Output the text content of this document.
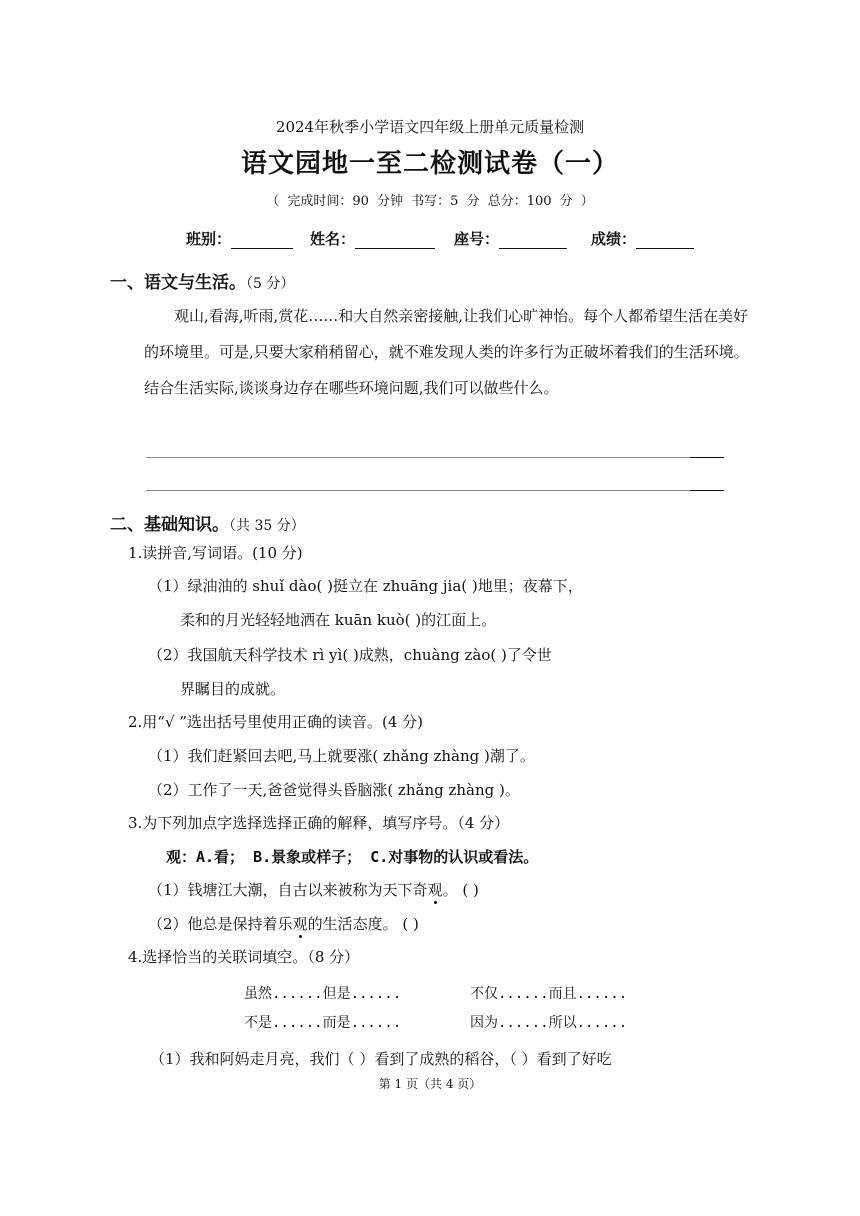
2024年秋季小学语文四年级上册单元质量检测
语文园地一至二检测试卷（一）
（ 完成时间：90 分钟 书写：5 分 总分：100 分 ）
班别：	姓名：	座号：	成绩：
一、语文与生活。（5 分）
观山,看海,听雨,赏花……和大自然亲密接触,让我们心旷神怡。每个人都希望生活在美好的环境里。可是,只要大家稍稍留心，就不难发现人类的许多行为正破坏着我们的生活环境。结合生活实际,谈谈身边存在哪些环境问题,我们可以做些什么。
二、基础知识。（共 35 分）
1.读拼音,写词语。(10 分)
（1）绿油油的 shuǐ dào( )挺立在 zhuāng jia( )地里；夜幕下，
柔和的月光轻轻地洒在 kuān kuò( )的江面上。
（2）我国航天科学技术 rì yì( )成熟，chuàng zào( )了令世
界瞩目的成就。
2.用“√ ”选出括号里使用正确的读音。(4 分)
（1）我们赶紧回去吧,马上就要涨( zhǎng zhàng )潮了。
（2）工作了一天,爸爸觉得头昏脑涨( zhǎng zhàng )。
3.为下列加点字选择选择正确的解释，填写序号。（4 分）
观：A.看； B.景象或样子； C.对事物的认识或看法。
（1）钱塘江大潮，自古以来被称为天下奇观。 ( )
（2）他总是保持着乐观的生活态度。 ( )
4.选择恰当的关联词填空。（8 分）
虽然......但是......	不仅......而且......
不是......而是......	因为......所以......
（1）我和阿妈走月亮，我们（ ）看到了成熟的稻谷，（ ）看到了好吃
第 1 页（共 4 页）
